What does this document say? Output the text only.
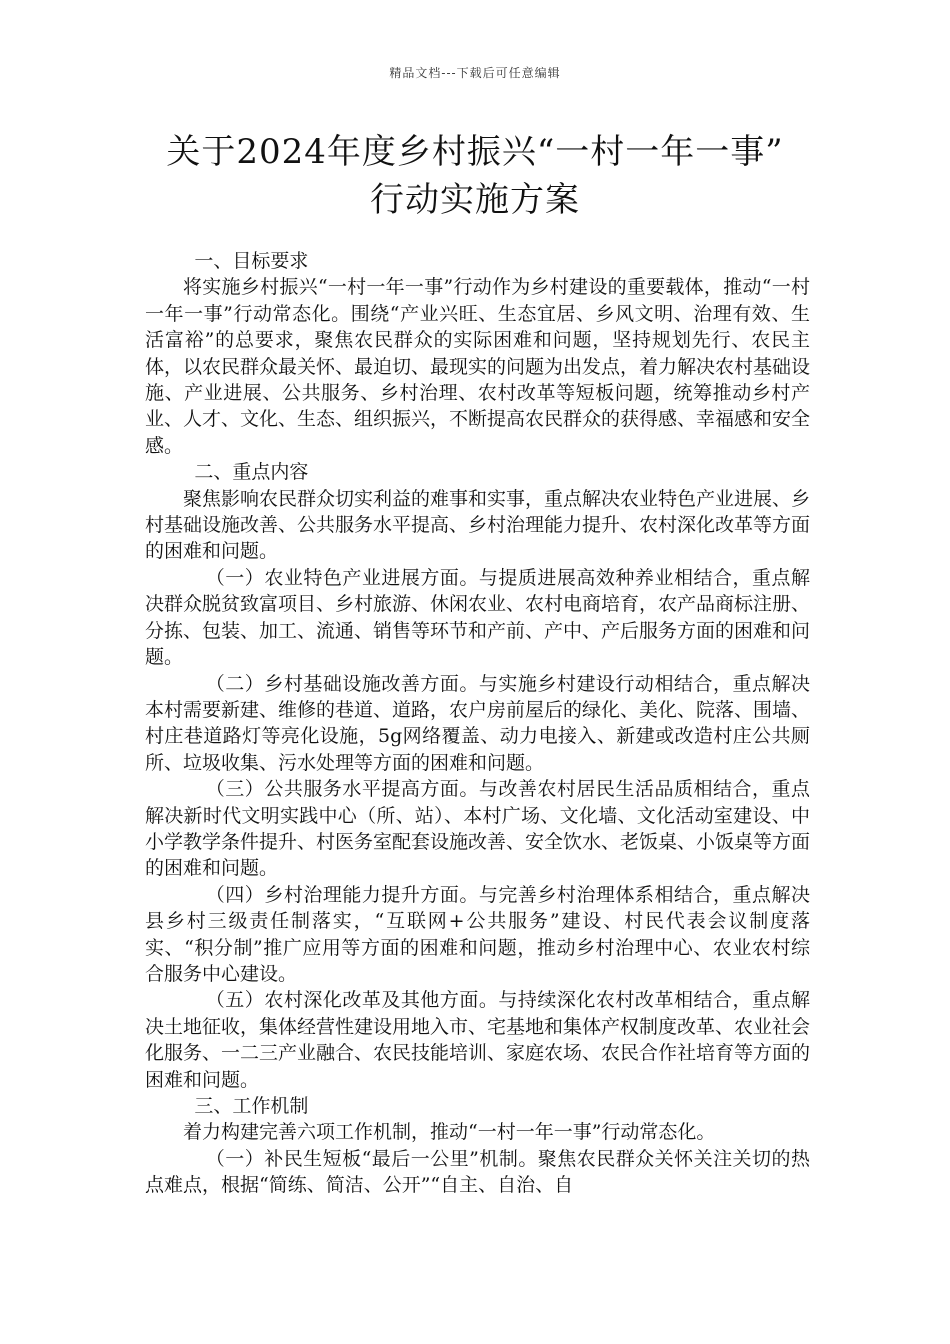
精品文档---下载后可任意编辑
关于2024年度乡村振兴“一村一年一事”
行动实施方案

一、目标要求

将实施乡村振兴“一村一年一事”行动作为乡村建设的重要载体，推动“一村一年一事”行动常态化。围绕“产业兴旺、生态宜居、乡风文明、治理有效、生活富裕”的总要求，聚焦农民群众的实际困难和问题，坚持规划先行、农民主体，以农民群众最关怀、最迫切、最现实的问题为出发点，着力解决农村基础设施、产业进展、公共服务、乡村治理、农村改革等短板问题，统筹推动乡村产业、人才、文化、生态、组织振兴，不断提高农民群众的获得感、幸福感和安全感。

二、重点内容

聚焦影响农民群众切实利益的难事和实事，重点解决农业特色产业进展、乡村基础设施改善、公共服务水平提高、乡村治理能力提升、农村深化改革等方面的困难和问题。

（一）农业特色产业进展方面。与提质进展高效种养业相结合，重点解决群众脱贫致富项目、乡村旅游、休闲农业、农村电商培育，农产品商标注册、分拣、包装、加工、流通、销售等环节和产前、产中、产后服务方面的困难和问题。

（二）乡村基础设施改善方面。与实施乡村建设行动相结合，重点解决本村需要新建、维修的巷道、道路，农户房前屋后的绿化、美化、院落、围墙、村庄巷道路灯等亮化设施，5g网络覆盖、动力电接入、新建或改造村庄公共厕所、垃圾收集、污水处理等方面的困难和问题。

（三）公共服务水平提高方面。与改善农村居民生活品质相结合，重点解决新时代文明实践中心（所、站）、本村广场、文化墙、文化活动室建设、中小学教学条件提升、村医务室配套设施改善、安全饮水、老饭桌、小饭桌等方面的困难和问题。

（四）乡村治理能力提升方面。与完善乡村治理体系相结合，重点解决县乡村三级责任制落实，“互联网+公共服务”建设、村民代表会议制度落实、“积分制”推广应用等方面的困难和问题，推动乡村治理中心、农业农村综合服务中心建设。

（五）农村深化改革及其他方面。与持续深化农村改革相结合，重点解决土地征收，集体经营性建设用地入市、宅基地和集体产权制度改革、农业社会化服务、一二三产业融合、农民技能培训、家庭农场、农民合作社培育等方面的困难和问题。

三、工作机制

着力构建完善六项工作机制，推动“一村一年一事”行动常态化。

（一）补民生短板“最后一公里”机制。聚焦农民群众关怀关注关切的热点难点，根据“简练、简洁、公开”“自主、自治、自
